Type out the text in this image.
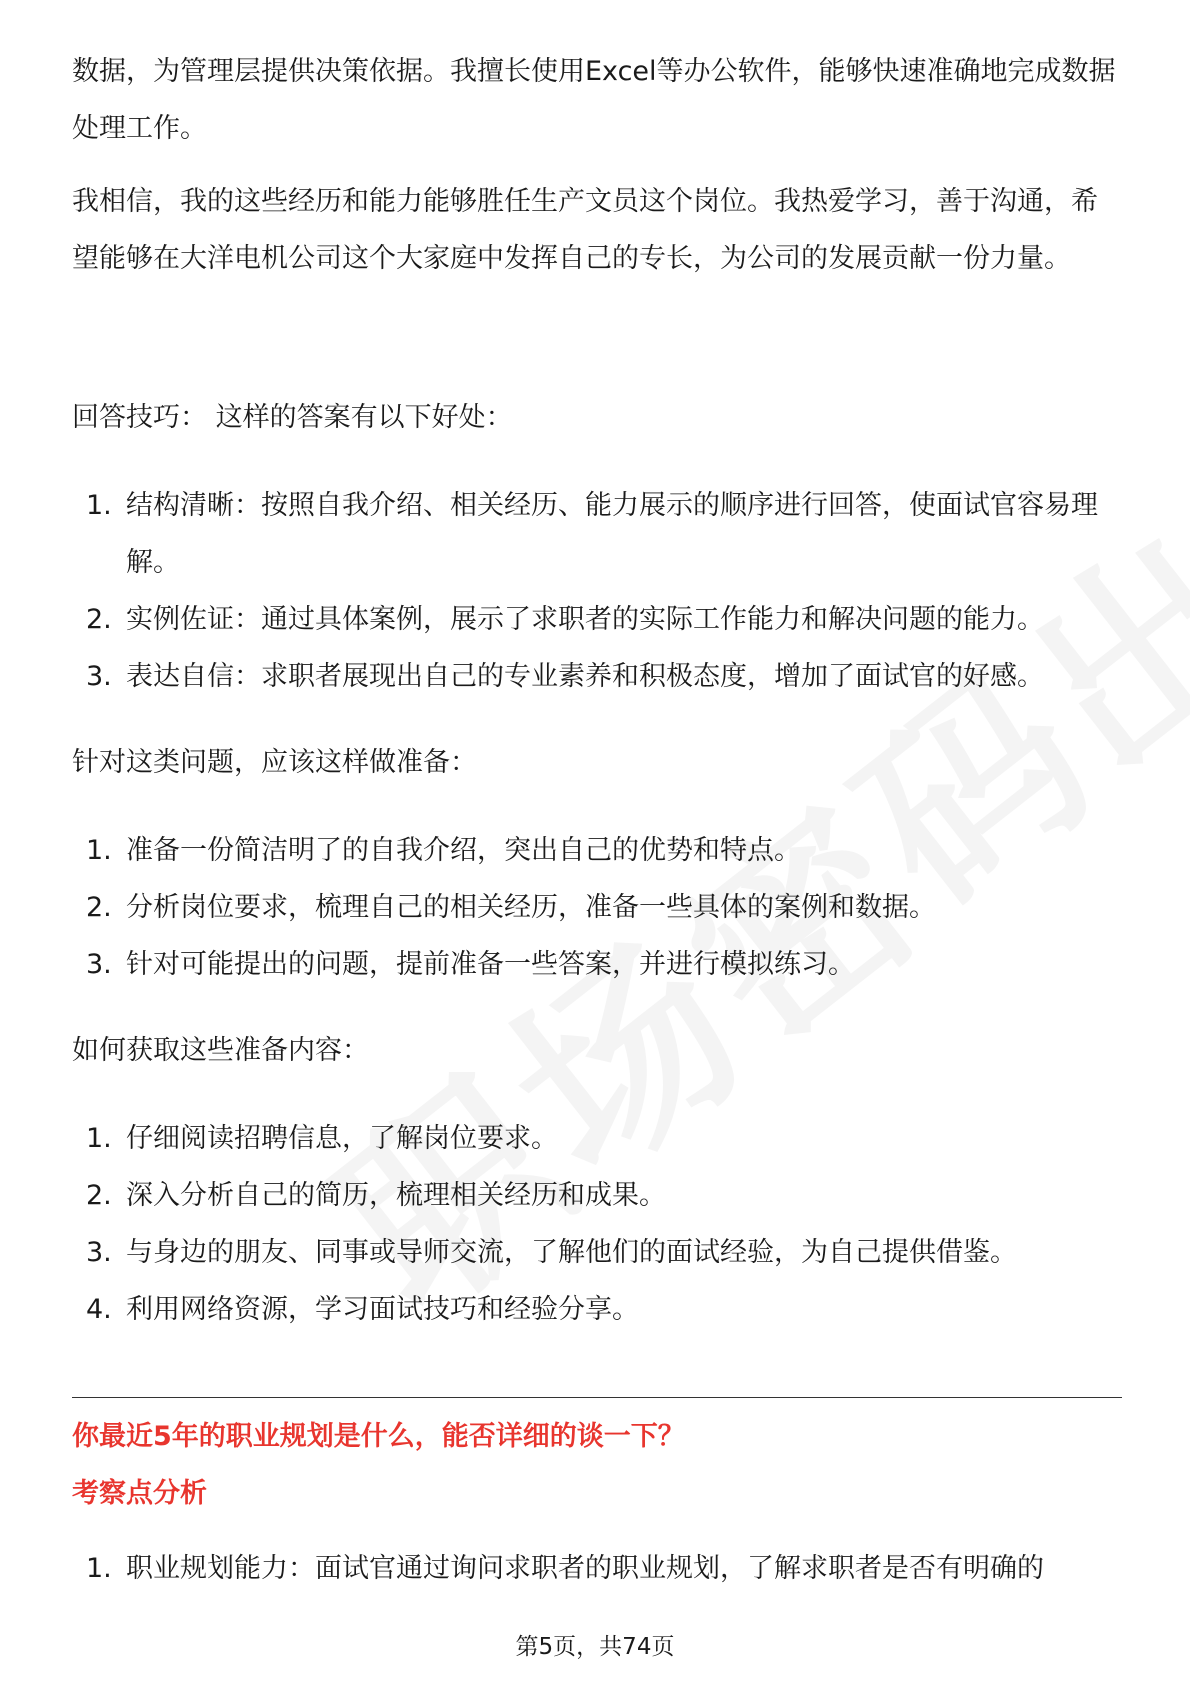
数据，为管理层提供决策依据。我擅长使用Excel等办公软件，能够快速准确地完成数据处理工作。

我相信，我的这些经历和能力能够胜任生产文员这个岗位。我热爱学习，善于沟通，希望能够在大洋电机公司这个大家庭中发挥自己的专长，为公司的发展贡献一份力量。

回答技巧： 这样的答案有以下好处：

1. 结构清晰：按照自我介绍、相关经历、能力展示的顺序进行回答，使面试官容易理解。
2. 实例佐证：通过具体案例，展示了求职者的实际工作能力和解决问题的能力。
3. 表达自信：求职者展现出自己的专业素养和积极态度，增加了面试官的好感。

针对这类问题，应该这样做准备：

1. 准备一份简洁明了的自我介绍，突出自己的优势和特点。
2. 分析岗位要求，梳理自己的相关经历，准备一些具体的案例和数据。
3. 针对可能提出的问题，提前准备一些答案，并进行模拟练习。

如何获取这些准备内容：

1. 仔细阅读招聘信息，了解岗位要求。
2. 深入分析自己的简历，梳理相关经历和成果。
3. 与身边的朋友、同事或导师交流，了解他们的面试经验，为自己提供借鉴。
4. 利用网络资源，学习面试技巧和经验分享。

你最近5年的职业规划是什么，能否详细的谈一下？

考察点分析

1. 职业规划能力：面试官通过询问求职者的职业规划，了解求职者是否有明确的
第5页，共74页
